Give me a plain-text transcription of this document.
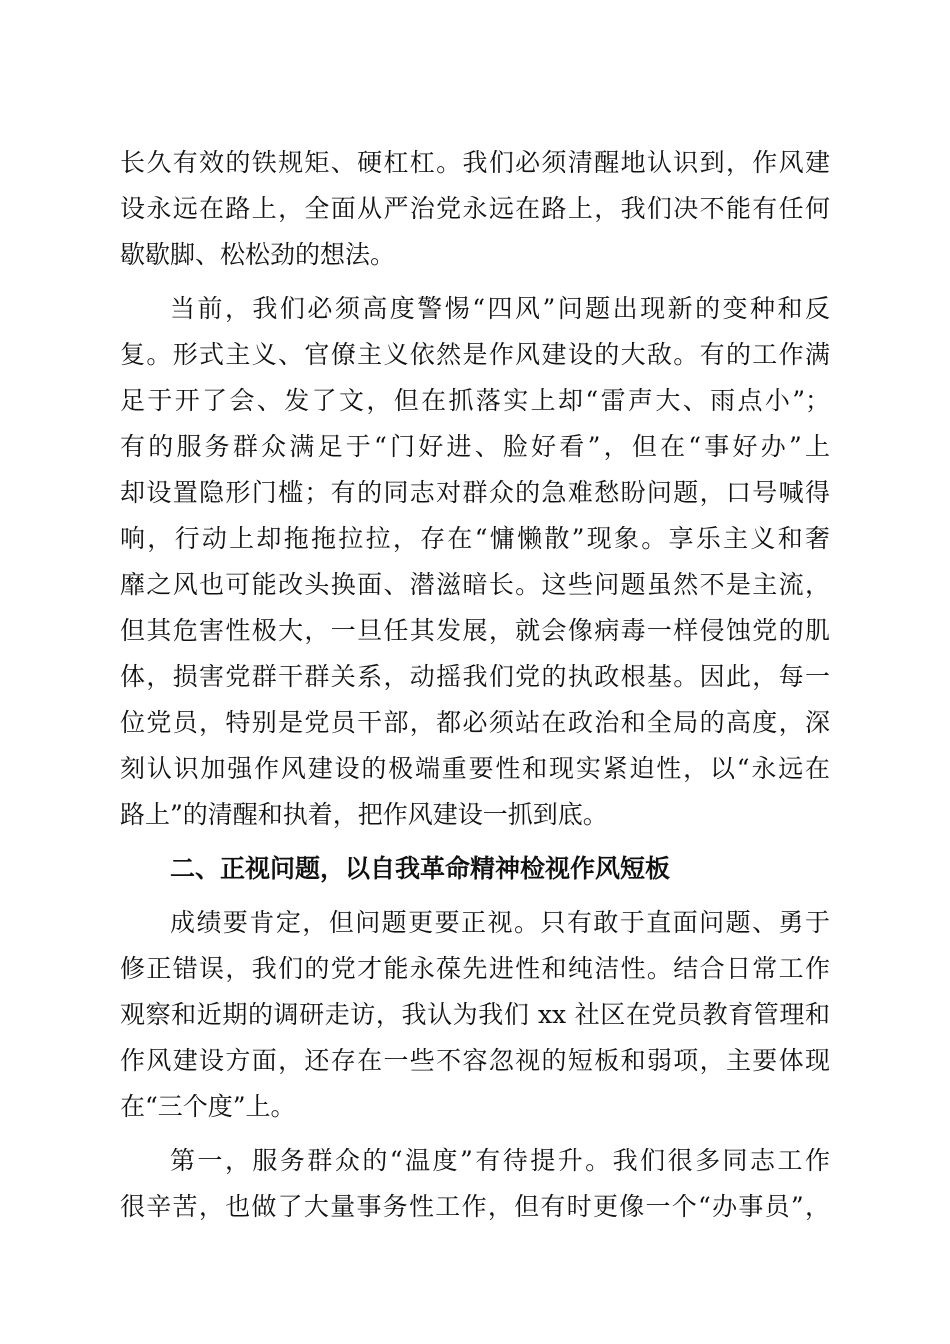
长久有效的铁规矩、硬杠杠。我们必须清醒地认识到，作风建
设永远在路上，全面从严治党永远在路上，我们决不能有任何
歇歇脚、松松劲的想法。
当前，我们必须高度警惕“四风”问题出现新的变种和反
复。形式主义、官僚主义依然是作风建设的大敌。有的工作满
足于开了会、发了文，但在抓落实上却“雷声大、雨点小”；
有的服务群众满足于“门好进、脸好看”，但在“事好办”上
却设置隐形门槛；有的同志对群众的急难愁盼问题，口号喊得
响，行动上却拖拖拉拉，存在“慵懒散”现象。享乐主义和奢
靡之风也可能改头换面、潜滋暗长。这些问题虽然不是主流，
但其危害性极大，一旦任其发展，就会像病毒一样侵蚀党的肌
体，损害党群干群关系，动摇我们党的执政根基。因此，每一
位党员，特别是党员干部，都必须站在政治和全局的高度，深
刻认识加强作风建设的极端重要性和现实紧迫性，以“永远在
路上”的清醒和执着，把作风建设一抓到底。
二、正视问题，以自我革命精神检视作风短板
成绩要肯定，但问题更要正视。只有敢于直面问题、勇于
修正错误，我们的党才能永葆先进性和纯洁性。结合日常工作
观察和近期的调研走访，我认为我们 xx 社区在党员教育管理和
作风建设方面，还存在一些不容忽视的短板和弱项，主要体现
在“三个度”上。
第一，服务群众的“温度”有待提升。我们很多同志工作
很辛苦，也做了大量事务性工作，但有时更像一个“办事员”，
